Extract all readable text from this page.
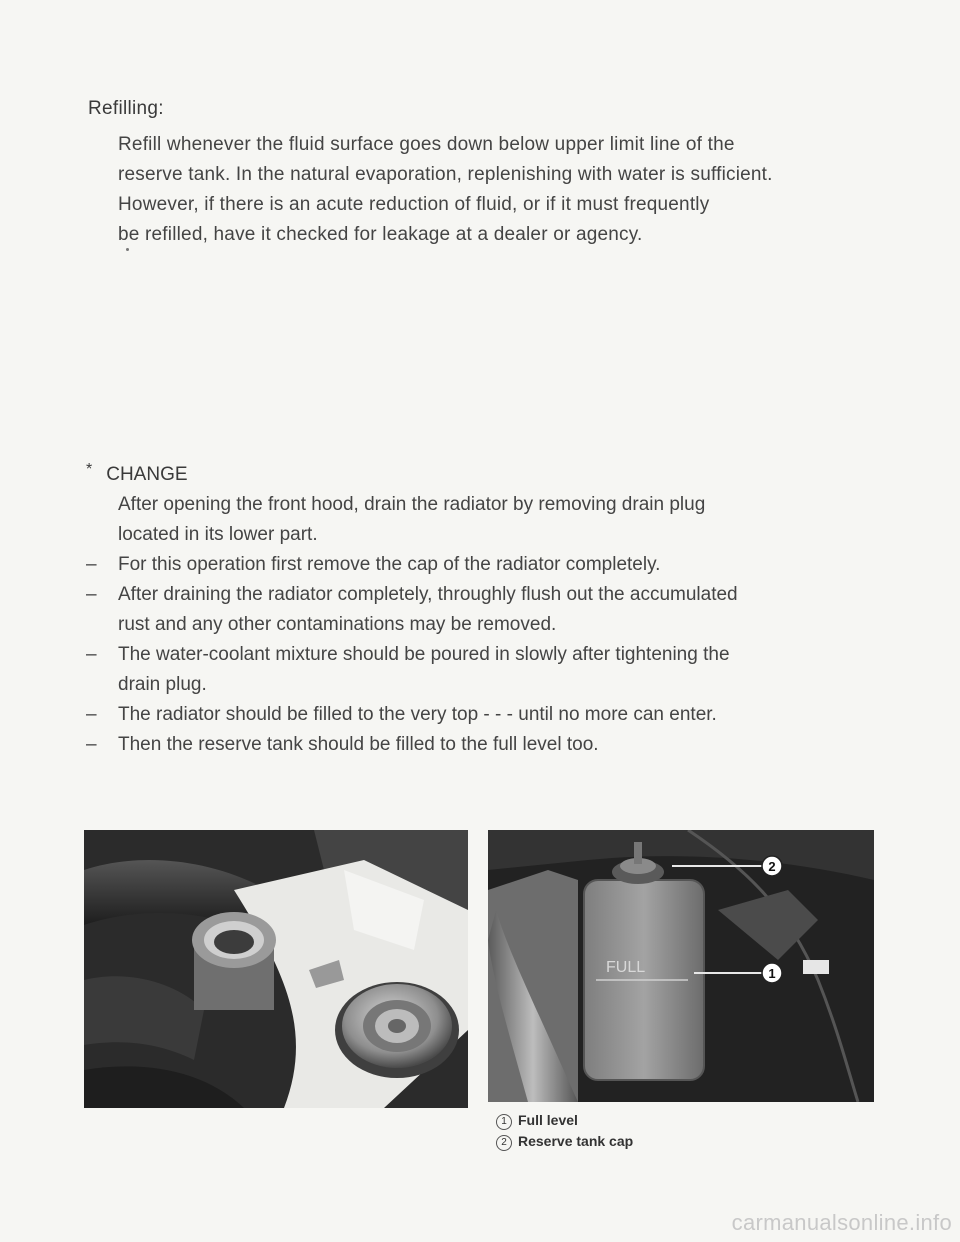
Refilling:

Refill whenever the fluid surface goes down below upper limit line of the

reserve tank. In the natural evaporation, replenishing with water is sufficient.

However, if there is an acute reduction of fluid, or if it must frequently

be refilled, have it checked for leakage at a dealer or agency.

* CHANGE

After opening the front hood, drain the radiator by removing drain plug

located in its lower part.

– For this operation first remove the cap of the radiator completely.

– After draining the radiator completely, throughly flush out the accumulated

rust and any other contaminations may be removed.

– The water-coolant mixture should be poured in slowly after tightening the

drain plug.

– The radiator should be filled to the very top - - - until no more can enter.

– Then the reserve tank should be filled to the full level too.

FULL
2
1
1 Full level
2 Reserve tank cap
carmanualsonline.info
